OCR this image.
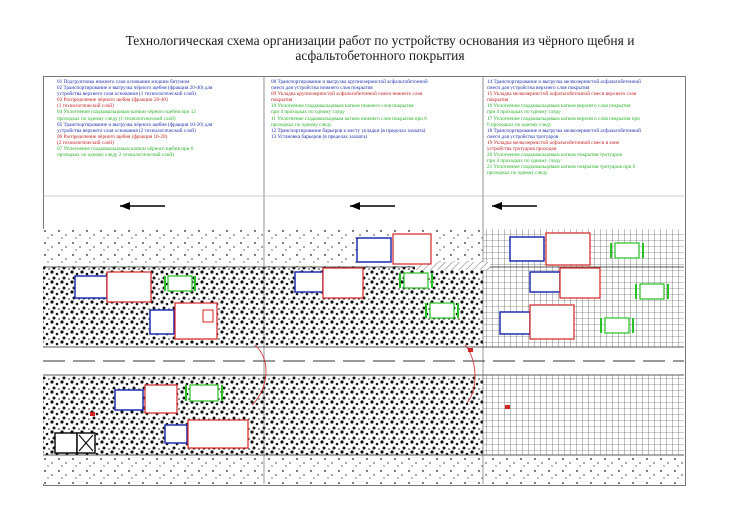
Технологическая схема организации работ по устройству основания из чёрного щебня и
асфальтобетонного покрытия
01 Подгрунтовка нижнего слоя основания жидким битумом
02 Транспортирование и выгрузка чёрного щебня (фракция 20-40) для
устройства верхнего слоя основания (1 технологический слой)
03 Распределение чёрного щебня (фракции 20-40)
(1 технологический слой)
04 Уплотнение гладковальцовым катком чёрного щебня при 12
проходках по одному следу (1 технологический слой)
05 Транспортирование и выгрузка чёрного щебня (фракция 10-20) для
устройства верхнего слоя основания (2 технологический слой)
06 Распределение чёрного щебня (фракция 10-20)
(2 технологический слой)
07 Уплотнение гладковальцовым катком чёрного щебня при 6
проходках по одному следу 2 технологический слой)
08 Транспортирование и выгрузка крупнозернистой асфальтобетонной
смеси для устройства нижнего слоя покрытия
09 Укладка крупнозернистой асфальтобетонной смеси нижнего слоя
покрытия
10 Уплотнение гладковальцовым катком нижнего слоя покрытия
при 4 проходках по одному следу
11 Уплотнение гладковальцовым катком нижнего слоя покрытия при 6
проходках по одному следу
12 Транспортирование барьеров к месту укладки (в пределах захвата)
13 Установка барьеров (в пределах захвата)
14 Транспортирование и выгрузка мелкозернистой асфальтобетонной
смеси для устройства верхнего слоя покрытия
15 Укладка мелкозернистой асфальтобетонной смеси верхнего слоя
покрытия
16 Уплотнение гладковальцовым катком верхнего слоя покрытия
при 4 проходках по одному следу
17 Уплотнение гладковальцовым катком верхнего слоя покрытия при
6 проходках по одному следу
18 Транспортирование и выгрузка мелкозернистой асфальтобетонной
смеси для устройства тротуаров
19 Укладка мелкозернистой асфальтобетонной смеси в зоне
устройства тротуаров проходов
20 Уплотнение гладковальцовым катком покрытия тротуаров
при 4 проходках по одному следу
21 Уплотнение гладковальцовым катком покрытия тротуаров при 6
проходках по одному следу
